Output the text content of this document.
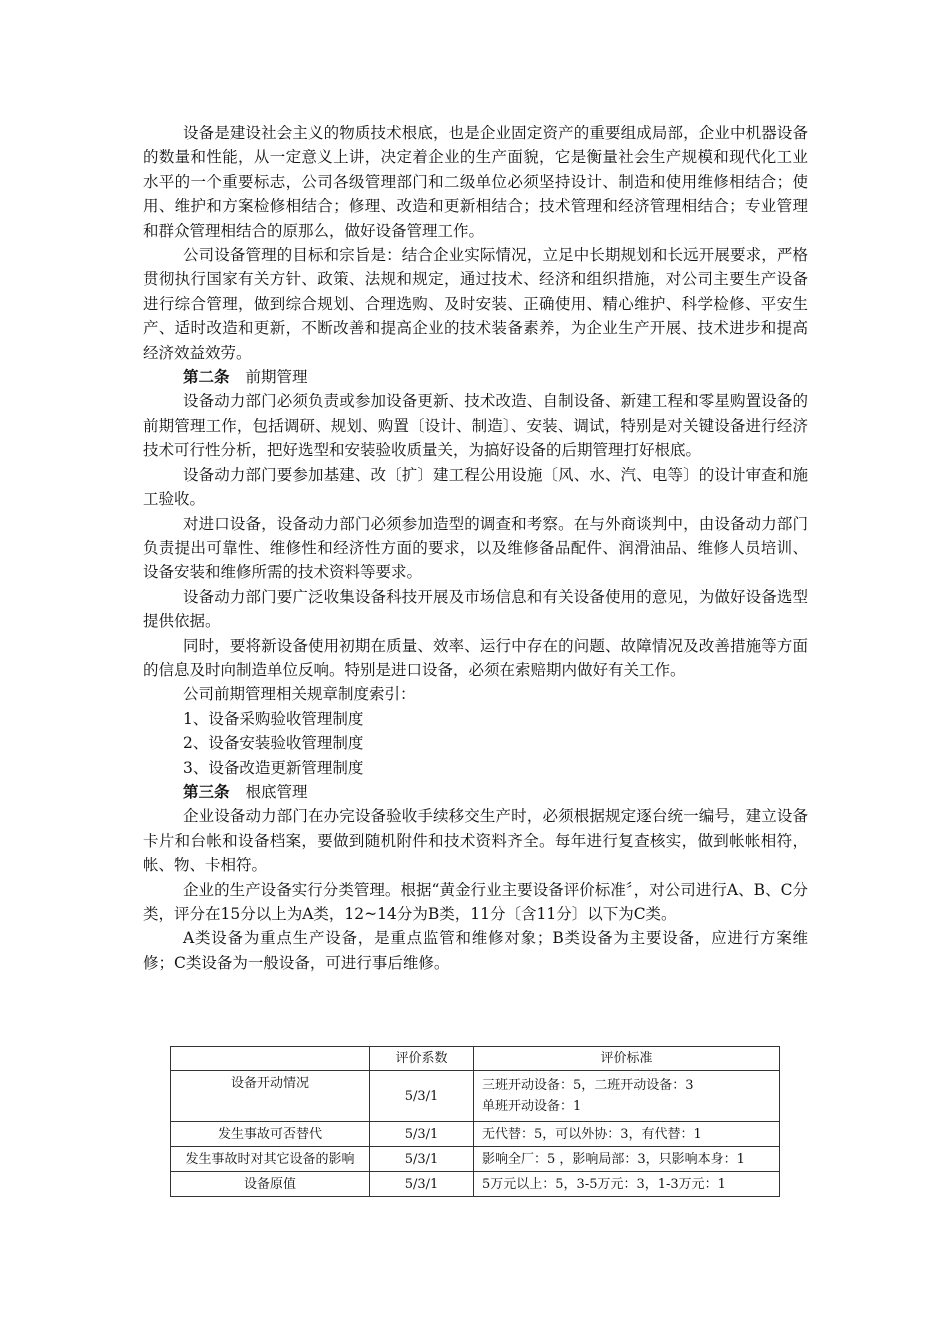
设备是建设社会主义的物质技术根底，也是企业固定资产的重要组成局部，企业中机器设备的数量和性能，从一定意义上讲，决定着企业的生产面貌，它是衡量社会生产规模和现代化工业水平的一个重要标志，公司各级管理部门和二级单位必须坚持设计、制造和使用维修相结合；使用、维护和方案检修相结合；修理、改造和更新相结合；技术管理和经济管理相结合；专业管理和群众管理相结合的原那么，做好设备管理工作。

公司设备管理的目标和宗旨是：结合企业实际情况，立足中长期规划和长远开展要求，严格贯彻执行国家有关方针、政策、法规和规定，通过技术、经济和组织措施，对公司主要生产设备进行综合管理，做到综合规划、合理选购、及时安装、正确使用、精心维护、科学检修、平安生产、适时改造和更新，不断改善和提高企业的技术装备素养，为企业生产开展、技术进步和提高经济效益效劳。

第二条 前期管理

设备动力部门必须负责或参加设备更新、技术改造、自制设备、新建工程和零星购置设备的前期管理工作，包括调研、规划、购置〔设计、制造〕、安装、调试，特别是对关键设备进行经济技术可行性分析，把好选型和安装验收质量关，为搞好设备的后期管理打好根底。

设备动力部门要参加基建、改〔扩〕建工程公用设施〔风、水、汽、电等〕的设计审查和施工验收。

对进口设备，设备动力部门必须参加造型的调查和考察。在与外商谈判中，由设备动力部门负责提出可靠性、维修性和经济性方面的要求，以及维修备品配件、润滑油品、维修人员培训、设备安装和维修所需的技术资料等要求。

设备动力部门要广泛收集设备科技开展及市场信息和有关设备使用的意见，为做好设备选型提供依据。

同时，要将新设备使用初期在质量、效率、运行中存在的问题、故障情况及改善措施等方面的信息及时向制造单位反响。特别是进口设备，必须在索赔期内做好有关工作。

公司前期管理相关规章制度索引：

1、设备采购验收管理制度

2、设备安装验收管理制度

3、设备改造更新管理制度

第三条 根底管理

企业设备动力部门在办完设备验收手续移交生产时，必须根据规定逐台统一编号，建立设备卡片和台帐和设备档案，要做到随机附件和技术资料齐全。每年进行复查核实，做到帐帐相符，帐、物、卡相符。

企业的生产设备实行分类管理。根据“黄金行业主要设备评价标准〞，对公司进行A、B、C分类，评分在15分以上为A类，12~14分为B类，11分〔含11分〕以下为C类。

A类设备为重点生产设备，是重点监管和维修对象；B类设备为主要设备，应进行方案维修；C类设备为一般设备，可进行事后维修。

	评价系数	评价标准
设备开动情况	5/3/1	三班开动设备：5，二班开动设备：3
单班开动设备：1

发生事故可否替代	5/3/1	无代替：5，可以外协：3，有代替：1
发生事故时对其它设备的影响	5/3/1	影响全厂：5 ，影响局部：3，只影响本身：1
设备原值	5/3/1	5万元以上：5，3-5万元：3，1-3万元：1
